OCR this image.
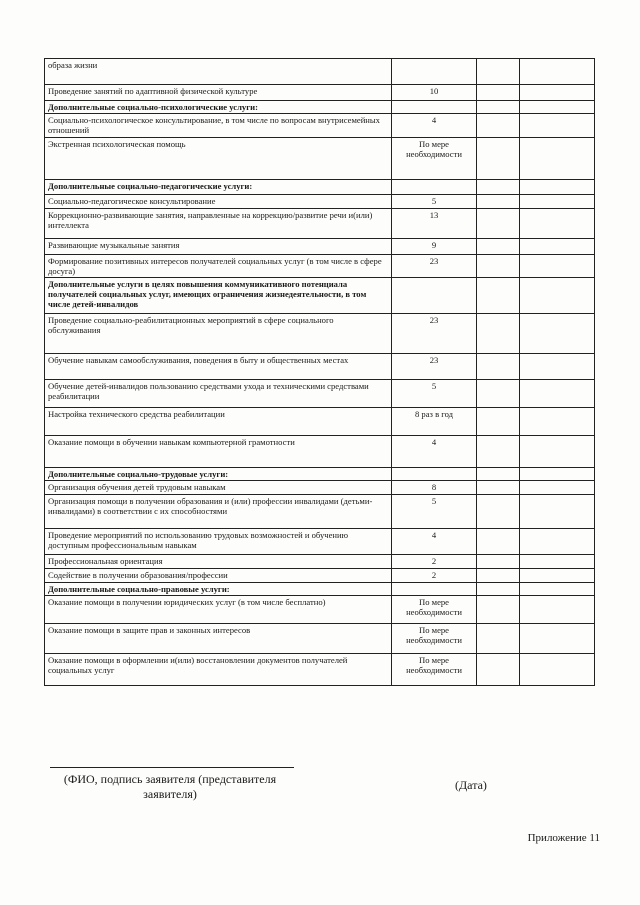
образа жизни			
Проведение занятий по адаптивной физической культуре	10		
Дополнительные социально-психологические услуги:			
Социально-психологическое консультирование, в том числе по вопросам внутрисемейных отношений	4		
Экстренная психологическая помощь	По мере необходимости		
Дополнительные социально-педагогические услуги:			
Социально-педагогическое консультирование	5		
Коррекционно-развивающие занятия, направленные на коррекцию/развитие речи и(или) интеллекта	13		
Развивающие музыкальные занятия	9		
Формирование позитивных интересов получателей социальных услуг (в том числе в сфере досуга)	23		
Дополнительные услуги в целях повышения коммуникативного потенциала получателей социальных услуг, имеющих ограничения жизнедеятельности, в том числе детей-инвалидов			
Проведение социально-реабилитационных мероприятий в сфере социального обслуживания	23		
Обучение навыкам самообслуживания, поведения в быту и общественных местах	23		
Обучение детей-инвалидов пользованию средствами ухода и техническими средствами реабилитации	5		
Настройка технического средства реабилитации	8 раз в год		
Оказание помощи в обучении навыкам компьютерной грамотности	4		
Дополнительные социально-трудовые услуги:			
Организация обучения детей трудовым навыкам	8		
Организация помощи в получении образования и (или) профессии инвалидами (детьми-инвалидами) в соответствии с их способностями	5		
Проведение мероприятий по использованию трудовых возможностей и обучению доступным профессиональным навыкам	4		
Профессиональная ориентация	2		
Содействие в получении образования/профессии	2		
Дополнительные социально-правовые услуги:			
Оказание помощи в получении юридических услуг (в том числе бесплатно)	По мере необходимости		
Оказание помощи в защите прав и законных интересов	По мере необходимости		
Оказание помощи в оформлении и(или) восстановлении документов получателей социальных услуг	По мере необходимости		
(ФИО, подпись заявителя (представителя заявителя)
(Дата)
Приложение 11
